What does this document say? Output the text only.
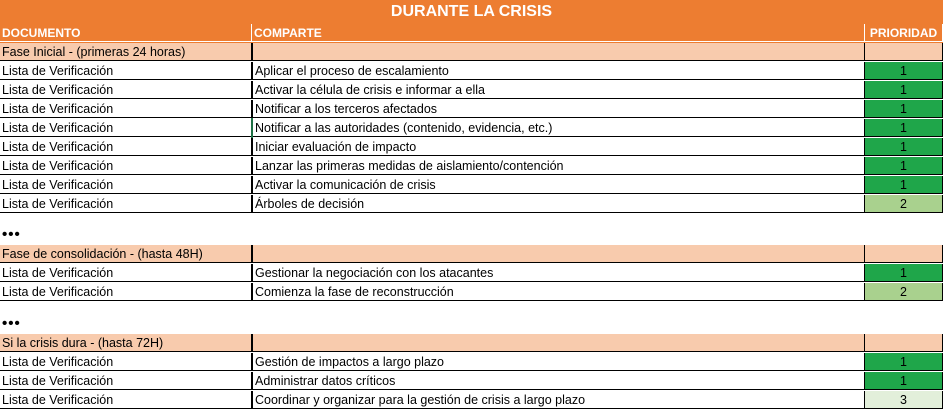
DURANTE LA CRISIS
DOCUMENTO	COMPARTE	PRIORIDAD
Fase Inicial - (primeras 24 horas)
Lista de Verificación	Aplicar el proceso de escalamiento	1
Lista de Verificación	Activar la célula de crisis e informar a ella	1
Lista de Verificación	Notificar a los terceros afectados	1
Lista de Verificación	Notificar a las autoridades (contenido, evidencia, etc.)	1
Lista de Verificación	Iniciar evaluación de impacto	1
Lista de Verificación	Lanzar las primeras medidas de aislamiento/contención	1
Lista de Verificación	Activar la comunicación de crisis	1
Lista de Verificación	Árboles de decisión	2
•••
Fase de consolidación - (hasta 48H)
Lista de Verificación	Gestionar la negociación con los atacantes	1
Lista de Verificación	Comienza la fase de reconstrucción	2
•••
Si la crisis dura - (hasta 72H)
Lista de Verificación	Gestión de impactos a largo plazo	1
Lista de Verificación	Administrar datos críticos	1
Lista de Verificación	Coordinar y organizar para la gestión de crisis a largo plazo	3
